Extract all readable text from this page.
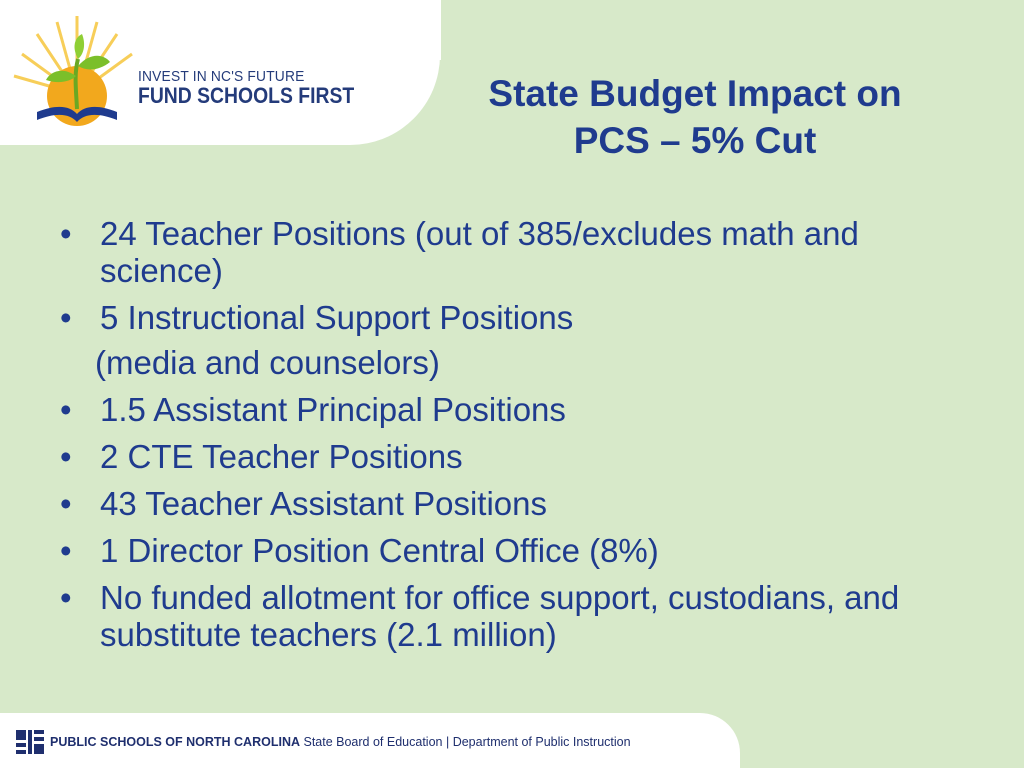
INVEST IN NC'S FUTURE
FUND SCHOOLS FIRST	State Budget Impact on
PCS – 5% Cut
• 24 Teacher Positions (out of 385/excludes math and science)
• 5 Instructional Support Positions
(media and counselors)
• 1.5 Assistant Principal Positions
• 2 CTE Teacher Positions
• 43 Teacher Assistant Positions
• 1 Director Position Central Office (8%)
• No funded allotment for office support, custodians, and substitute teachers (2.1 million)
PUBLIC SCHOOLS OF NORTH CAROLINA State Board of Education | Department of Public Instruction
